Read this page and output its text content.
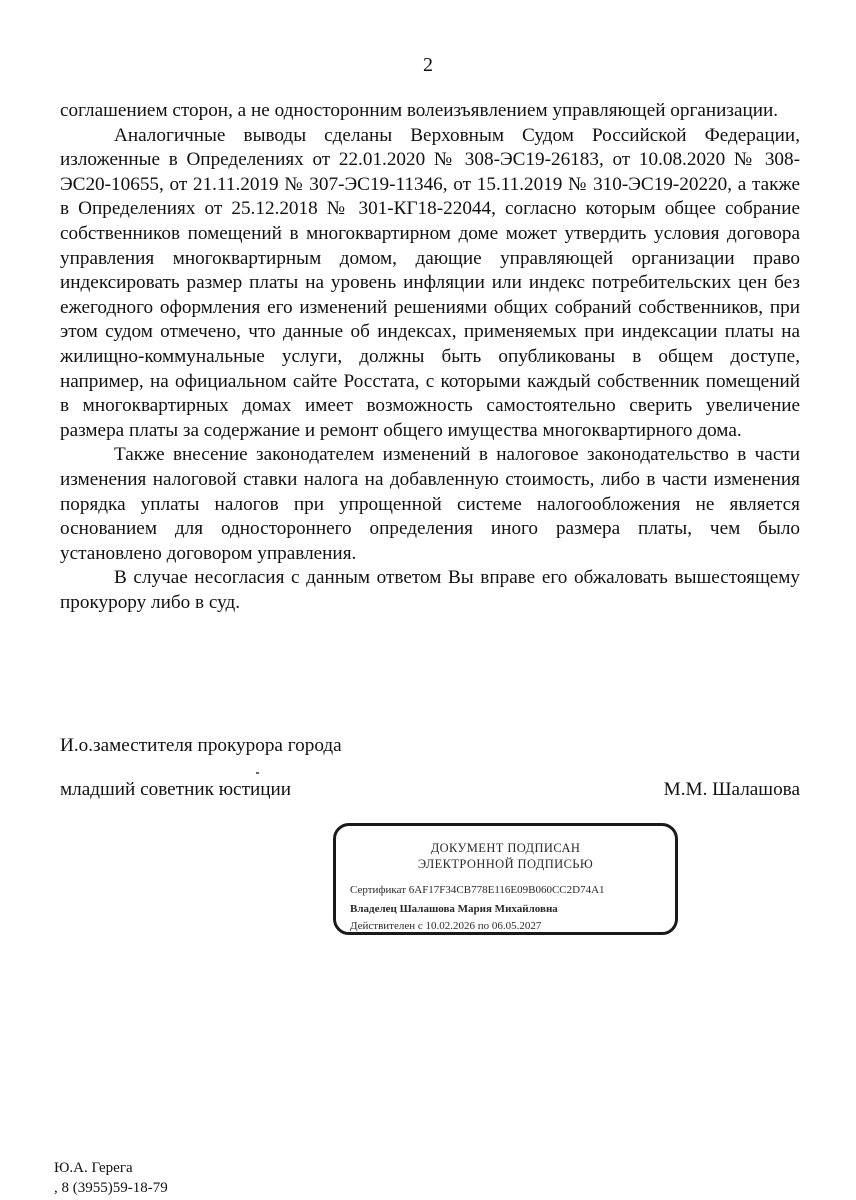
2

соглашением сторон, а не односторонним волеизъявлением управляющей организации.

Аналогичные выводы сделаны Верховным Судом Российской Федерации, изложенные в Определениях от 22.01.2020 № 308-ЭС19-26183, от 10.08.2020 № 308-ЭС20-10655, от 21.11.2019 № 307-ЭС19-11346, от 15.11.2019 № 310-ЭС19-20220, а также в Определениях от 25.12.2018 № 301-КГ18-22044, согласно которым общее собрание собственников помещений в многоквартирном доме может утвердить условия договора управления многоквартирным домом, дающие управляющей организации право индексировать размер платы на уровень инфляции или индекс потребительских цен без ежегодного оформления его изменений решениями общих собраний собственников, при этом судом отмечено, что данные об индексах, применяемых при индексации платы на жилищно-коммунальные услуги, должны быть опубликованы в общем доступе, например, на официальном сайте Росстата, с которыми каждый собственник помещений в многоквартирных домах имеет возможность самостоятельно сверить увеличение размера платы за содержание и ремонт общего имущества многоквартирного дома.

Также внесение законодателем изменений в налоговое законодательство в части изменения налоговой ставки налога на добавленную стоимость, либо в части изменения порядка уплаты налогов при упрощенной системе налогообложения не является основанием для одностороннего определения иного размера платы, чем было установлено договором управления.

В случае несогласия с данным ответом Вы вправе его обжаловать вышестоящему прокурору либо в суд.

И.о.заместителя прокурора города
младший советник юстиции	М.М. Шалашова
ДОКУМЕНТ ПОДПИСАН
ЭЛЕКТРОННОЙ ПОДПИСЬЮ
Сертификат 6AF17F34CB778E116E09B060CC2D74A1
Владелец Шалашова Мария Михайловна
Действителен с 10.02.2026 по 06.05.2027
Ю.А. Герега
, 8 (3955)59-18-79
